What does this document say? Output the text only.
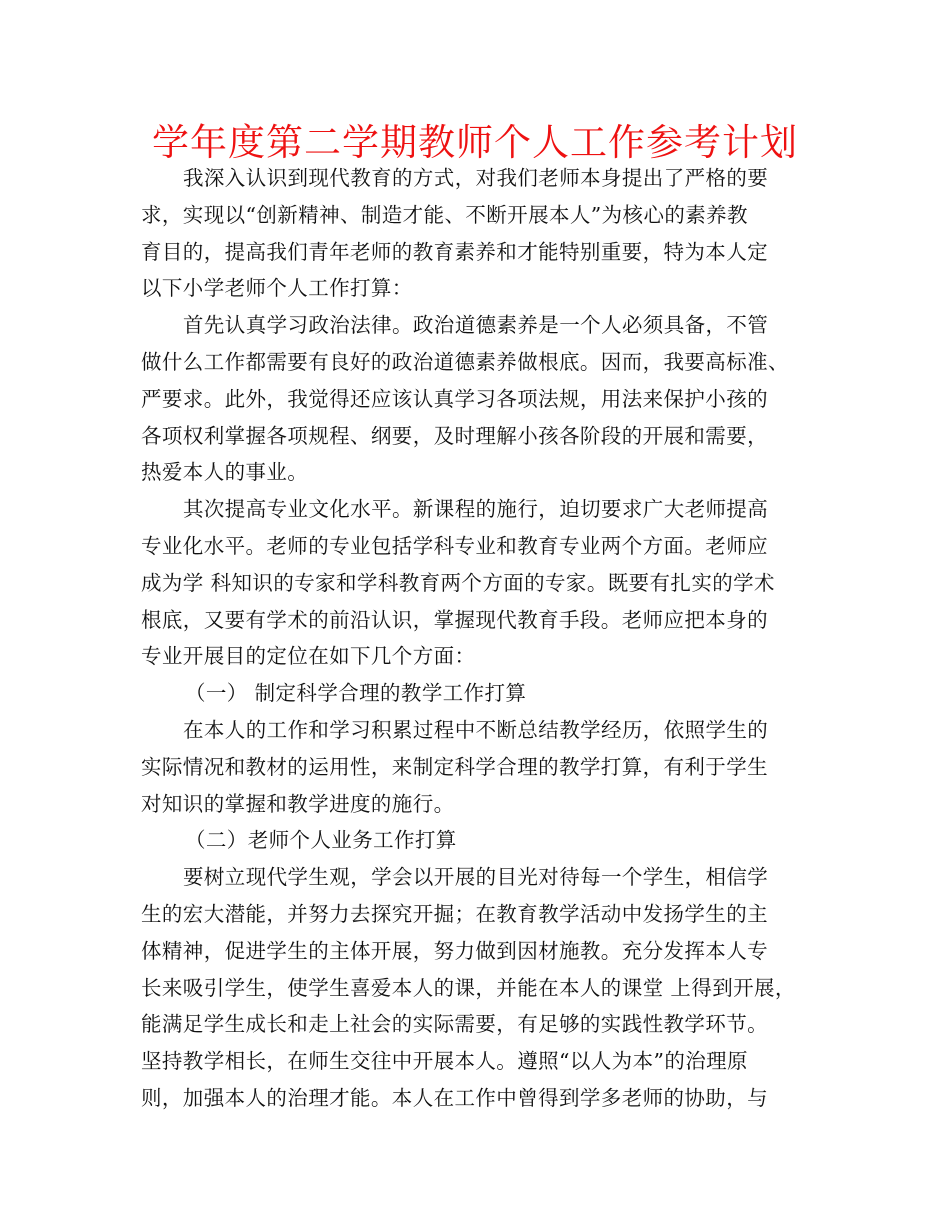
学年度第二学期教师个人工作参考计划
我深入认识到现代教育的方式，对我们老师本身提出了严格的要
求，实现以“创新精神、制造才能、不断开展本人”为核心的素养教
育目的，提高我们青年老师的教育素养和才能特别重要，特为本人定
以下小学老师个人工作打算：
首先认真学习政治法律。政治道德素养是一个人必须具备，不管
做什么工作都需要有良好的政治道德素养做根底。因而，我要高标准、
严要求。此外，我觉得还应该认真学习各项法规，用法来保护小孩的
各项权利掌握各项规程、纲要，及时理解小孩各阶段的开展和需要，
热爱本人的事业。
其次提高专业文化水平。新课程的施行，迫切要求广大老师提高
专业化水平。老师的专业包括学科专业和教育专业两个方面。老师应
成为学 科知识的专家和学科教育两个方面的专家。既要有扎实的学术
根底，又要有学术的前沿认识，掌握现代教育手段。老师应把本身的
专业开展目的定位在如下几个方面：
（一） 制定科学合理的教学工作打算
在本人的工作和学习积累过程中不断总结教学经历，依照学生的
实际情况和教材的运用性，来制定科学合理的教学打算，有利于学生
对知识的掌握和教学进度的施行。
（二）老师个人业务工作打算
要树立现代学生观，学会以开展的目光对待每一个学生，相信学
生的宏大潜能，并努力去探究开掘；在教育教学活动中发扬学生的主
体精神，促进学生的主体开展，努力做到因材施教。充分发挥本人专
长来吸引学生，使学生喜爱本人的课，并能在本人的课堂 上得到开展，
能满足学生成长和走上社会的实际需要，有足够的实践性教学环节。
坚持教学相长，在师生交往中开展本人。遵照“以人为本”的治理原
则，加强本人的治理才能。本人在工作中曾得到学多老师的协助，与
